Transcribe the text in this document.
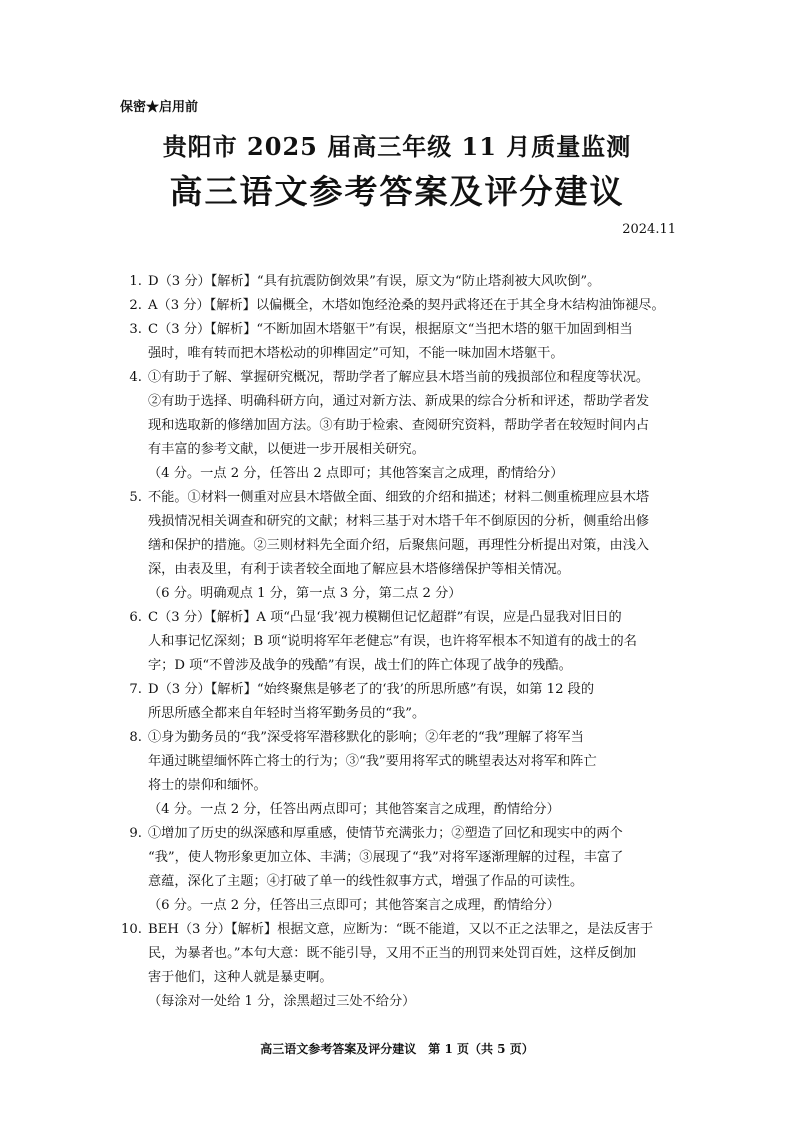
保密★启用前
贵阳市 2025 届高三年级 11 月质量监测
高三语文参考答案及评分建议
2024.11
1. D（3 分）【解析】“具有抗震防倒效果”有误，原文为“防止塔刹被大风吹倒”。
2. A（3 分）【解析】以偏概全，木塔如饱经沧桑的契丹武将还在于其全身木结构油饰褪尽。
3. C（3 分）【解析】“不断加固木塔躯干”有误，根据原文“当把木塔的躯干加固到相当
强时，唯有转而把木塔松动的卯榫固定”可知，不能一味加固木塔躯干。
4. ①有助于了解、掌握研究概况，帮助学者了解应县木塔当前的残损部位和程度等状况。
②有助于选择、明确科研方向，通过对新方法、新成果的综合分析和评述，帮助学者发
现和选取新的修缮加固方法。③有助于检索、查阅研究资料，帮助学者在较短时间内占
有丰富的参考文献，以便进一步开展相关研究。
（4 分。一点 2 分，任答出 2 点即可；其他答案言之成理，酌情给分）
5. 不能。①材料一侧重对应县木塔做全面、细致的介绍和描述；材料二侧重梳理应县木塔
残损情况相关调查和研究的文献；材料三基于对木塔千年不倒原因的分析，侧重给出修
缮和保护的措施。②三则材料先全面介绍，后聚焦问题，再理性分析提出对策，由浅入
深，由表及里，有利于读者较全面地了解应县木塔修缮保护等相关情况。
（6 分。明确观点 1 分，第一点 3 分，第二点 2 分）
6. C（3 分）【解析】A 项“凸显‘我’视力模糊但记忆超群”有误，应是凸显我对旧日的
人和事记忆深刻；B 项“说明将军年老健忘”有误，也许将军根本不知道有的战士的名
字；D 项“不曾涉及战争的残酷”有误，战士们的阵亡体现了战争的残酷。
7. D（3 分）【解析】“始终聚焦是够老了的‘我’的所思所感”有误，如第 12 段的
所思所感全都来自年轻时当将军勤务员的“我”。
8. ①身为勤务员的“我”深受将军潜移默化的影响；②年老的“我”理解了将军当
年通过眺望缅怀阵亡将士的行为；③“我”要用将军式的眺望表达对将军和阵亡
将士的崇仰和缅怀。
（4 分。一点 2 分，任答出两点即可；其他答案言之成理，酌情给分）
9. ①增加了历史的纵深感和厚重感，使情节充满张力；②塑造了回忆和现实中的两个
“我”，使人物形象更加立体、丰满；③展现了“我”对将军逐渐理解的过程，丰富了
意蕴，深化了主题；④打破了单一的线性叙事方式，增强了作品的可读性。
（6 分。一点 2 分，任答出三点即可；其他答案言之成理，酌情给分）
10. BEH（3 分）【解析】根据文意，应断为：“既不能道，又以不正之法罪之，是法反害于
民，为暴者也。”本句大意：既不能引导，又用不正当的刑罚来处罚百姓，这样反倒加
害于他们，这种人就是暴吏啊。
（每涂对一处给 1 分，涂黑超过三处不给分）
高三语文参考答案及评分建议　第 1 页（共 5 页）
